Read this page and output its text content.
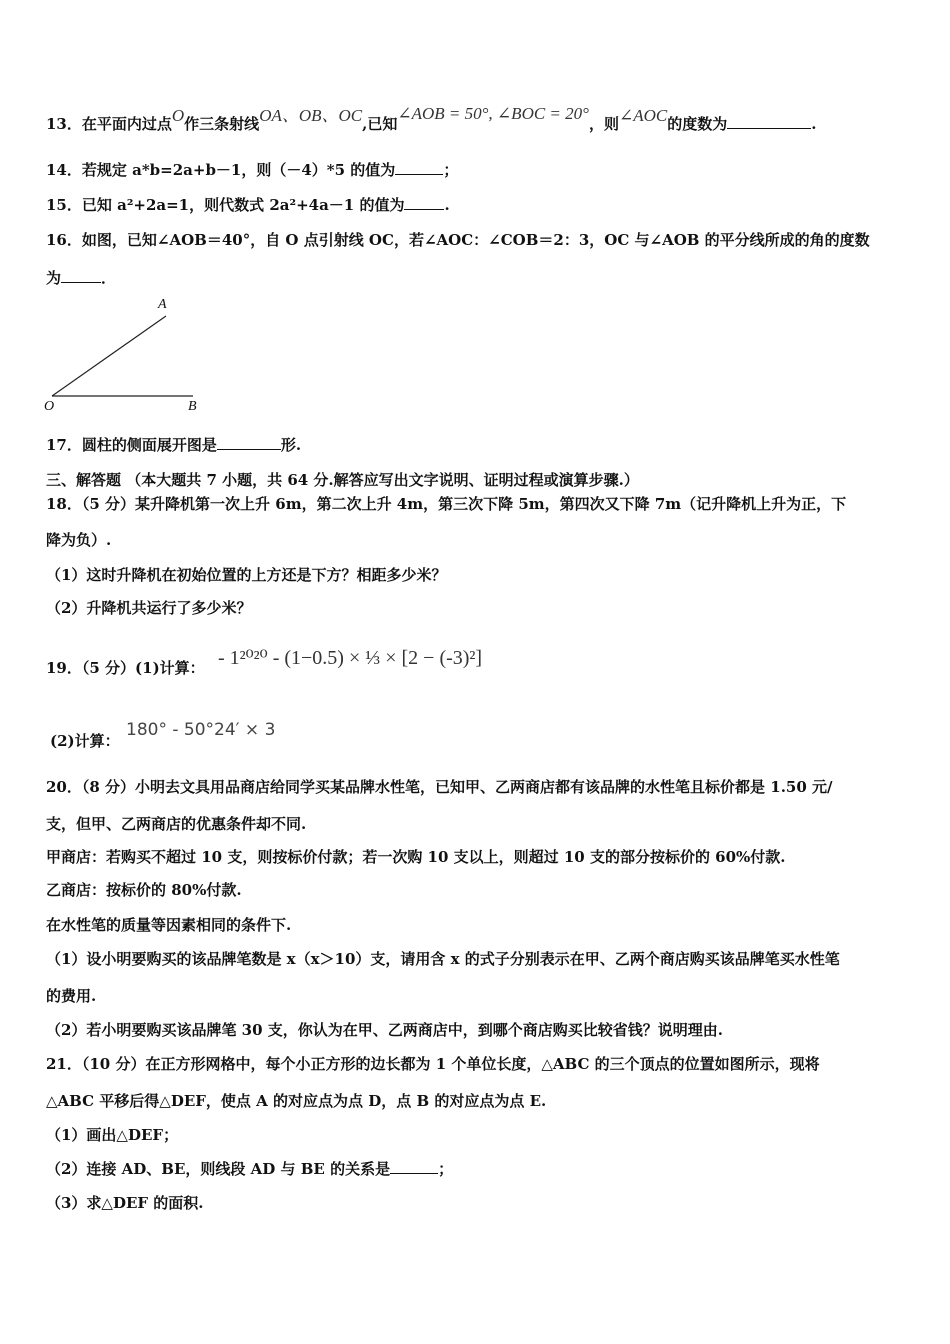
13．在平面内过点O作三条射线OA、OB、OC,已知∠AOB = 50°, ∠BOC = 20°，则∠AOC的度数为	.
14．若规定 a*b=2a+b－1，则（－4）*5 的值为	；
15．已知 a²+2a=1，则代数式 2a²+4a－1 的值为	.
16．如图，已知∠AOB＝40°，自 O 点引射线 OC，若∠AOC：∠COB＝2：3，OC 与∠AOB 的平分线所成的角的度数
为	．
A
O	B
17．圆柱的侧面展开图是	形.
三、解答题 （本大题共 7 小题，共 64 分.解答应写出文字说明、证明过程或演算步骤.）
18．（5 分）某升降机第一次上升 6m，第二次上升 4m，第三次下降 5m，第四次又下降 7m（记升降机上升为正，下
降为负）.
（1）这时升降机在初始位置的上方还是下方？相距多少米？
（2）升降机共运行了多少米？
19．（5 分）(1)计算： - 1²⁰²⁰ - (1−0.5) × ⅓ × [2 − (-3)²]
(2)计算：
180° - 50°24′ × 3
20．（8 分）小明去文具用品商店给同学买某品牌水性笔，已知甲、乙两商店都有该品牌的水性笔且标价都是 1.50 元/
支，但甲、乙两商店的优惠条件却不同.
甲商店：若购买不超过 10 支，则按标价付款；若一次购 10 支以上，则超过 10 支的部分按标价的 60%付款.
乙商店：按标价的 80%付款.
在水性笔的质量等因素相同的条件下.
（1）设小明要购买的该品牌笔数是 x（x＞10）支，请用含 x 的式子分别表示在甲、乙两个商店购买该品牌笔买水性笔
的费用.
（2）若小明要购买该品牌笔 30 支，你认为在甲、乙两商店中，到哪个商店购买比较省钱？说明理由.
21．（10 分）在正方形网格中，每个小正方形的边长都为 1 个单位长度，△ABC 的三个顶点的位置如图所示，现将
△ABC 平移后得△DEF，使点 A 的对应点为点 D，点 B 的对应点为点 E.
（1）画出△DEF；
（2）连接 AD、BE，则线段 AD 与 BE 的关系是	；
（3）求△DEF 的面积.
